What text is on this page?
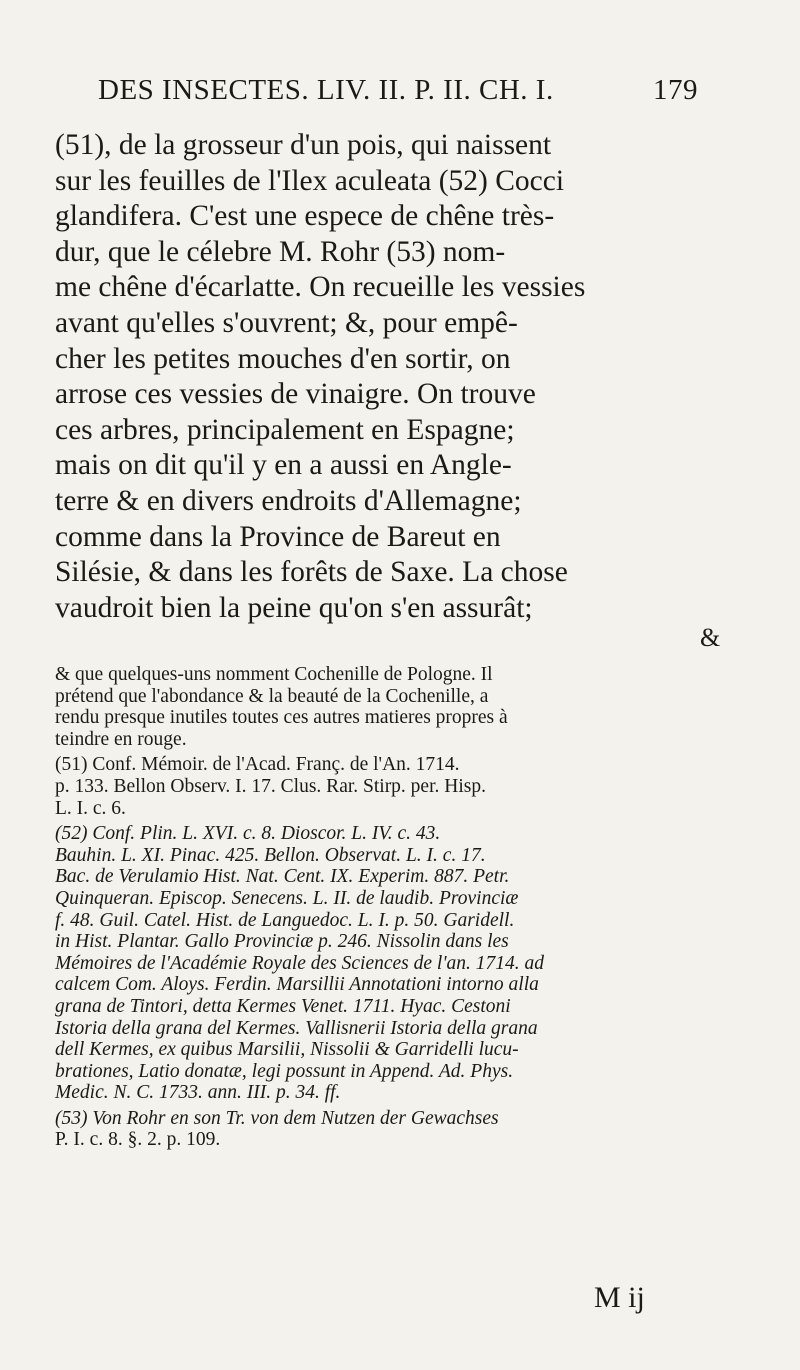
DES INSECTES. LIV. II. P. II. CH. I.	179
(51), de la grosseur d'un pois, qui naissent
sur les feuilles de l'Ilex aculeata (52) Cocci
glandifera. C'est une espece de chêne très-
dur, que le célebre M. Rohr (53) nom-
me chêne d'écarlatte. On recueille les vessies
avant qu'elles s'ouvrent; &, pour empê-
cher les petites mouches d'en sortir, on
arrose ces vessies de vinaigre. On trouve
ces arbres, principalement en Espagne;
mais on dit qu'il y en a aussi en Angle-
terre & en divers endroits d'Allemagne;
comme dans la Province de Bareut en
Silésie, & dans les forêts de Saxe. La chose
vaudroit bien la peine qu'on s'en assurât;
&
& que quelques-uns nomment Cochenille de Pologne. Il
prétend que l'abondance & la beauté de la Cochenille, a
rendu presque inutiles toutes ces autres matieres propres à
teindre en rouge.
(51) Conf. Mémoir. de l'Acad. Franç. de l'An. 1714.
p. 133. Bellon Observ. I. 17. Clus. Rar. Stirp. per. Hisp.
L. I. c. 6.
(52) Conf. Plin. L. XVI. c. 8. Dioscor. L. IV. c. 43.
Bauhin. L. XI. Pinac. 425. Bellon. Observat. L. I. c. 17.
Bac. de Verulamio Hist. Nat. Cent. IX. Experim. 887. Petr.
Quinqueran. Episcop. Senecens. L. II. de laudib. Provinciæ
f. 48. Guil. Catel. Hist. de Languedoc. L. I. p. 50. Garidell.
in Hist. Plantar. Gallo Provinciæ p. 246. Nissolin dans les
Mémoires de l'Académie Royale des Sciences de l'an. 1714. ad
calcem Com. Aloys. Ferdin. Marsillii Annotationi intorno alla
grana de Tintori, detta Kermes Venet. 1711. Hyac. Cestoni
Istoria della grana del Kermes. Vallisnerii Istoria della grana
dell Kermes, ex quibus Marsilii, Nissolii & Garridelli lucu-
brationes, Latio donatæ, legi possunt in Append. Ad. Phys.
Medic. N. C. 1733. ann. III. p. 34. ff.
(53) Von Rohr en son Tr. von dem Nutzen der Gewachses
P. I. c. 8. §. 2. p. 109.
M ij
